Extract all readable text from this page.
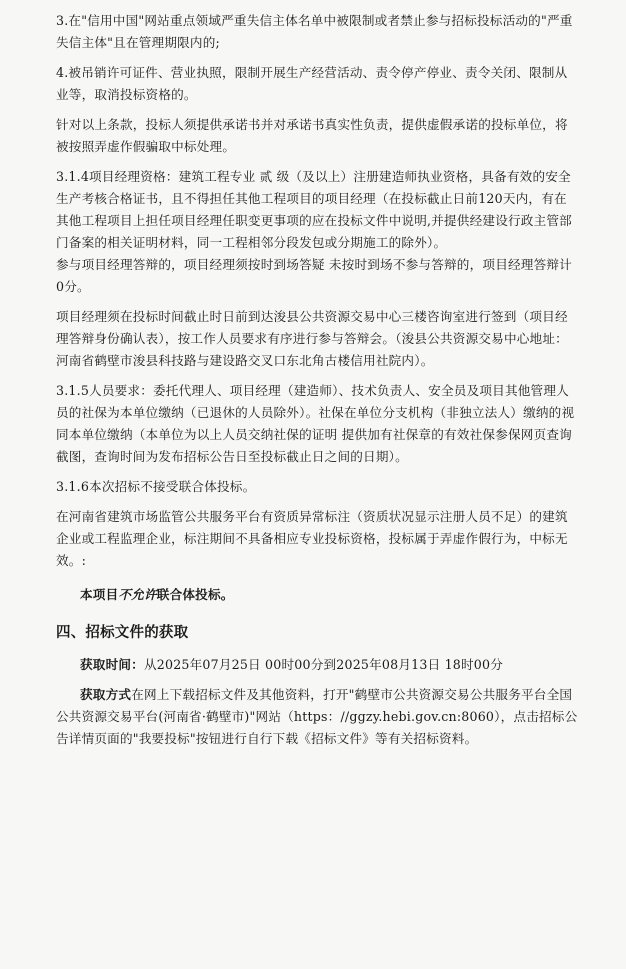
3.在"信用中国"网站重点领域严重失信主体名单中被限制或者禁止参与招标投标活动的"严重失信主体"且在管理期限内的;

4.被吊销许可证件、营业执照，限制开展生产经营活动、责令停产停业、责令关闭、限制从业等，取消投标资格的。

针对以上条款，投标人须提供承诺书并对承诺书真实性负责，提供虚假承诺的投标单位，将被按照弄虚作假骗取中标处理。

3.1.4项目经理资格：建筑工程专业 贰 级（及以上）注册建造师执业资格，具备有效的安全生产考核合格证书，且不得担任其他工程项目的项目经理（在投标截止日前120天内，有在其他工程项目上担任项目经理任职变更事项的应在投标文件中说明,并提供经建设行政主管部门备案的相关证明材料，同一工程相邻分段发包或分期施工的除外）。

参与项目经理答辩的，项目经理须按时到场答疑 未按时到场不参与答辩的，项目经理答辩计0分。

项目经理须在投标时间截止时日前到达浚县公共资源交易中心三楼咨询室进行签到（项目经理答辩身份确认表），按工作人员要求有序进行参与答辩会。（浚县公共资源交易中心地址：河南省鹤壁市浚县科技路与建设路交叉口东北角古楼信用社院内）。

3.1.5人员要求：委托代理人、项目经理（建造师）、技术负责人、安全员及项目其他管理人员的社保为本单位缴纳（已退休的人员除外）。社保在单位分支机构（非独立法人）缴纳的视同本单位缴纳（本单位为以上人员交纳社保的证明 提供加有社保章的有效社保参保网页查询截图，查询时间为发布招标公告日至投标截止日之间的日期）。

3.1.6本次招标不接受联合体投标。

在河南省建筑市场监管公共服务平台有资质异常标注（资质状况显示注册人员不足）的建筑企业或工程监理企业，标注期间不具备相应专业投标资格，投标属于弄虚作假行为，中标无效。:

本项目不允许联合体投标。

四、招标文件的获取

获取时间：从2025年07月25日 00时00分到2025年08月13日 18时00分

获取方式在网上下载招标文件及其他资料，打开"鹤壁市公共资源交易公共服务平台全国公共资源交易平台(河南省·鹤壁市)"网站（https：//ggzy.hebi.gov.cn:8060），点击招标公告详情页面的"我要投标"按钮进行自行下载《招标文件》等有关招标资料。
